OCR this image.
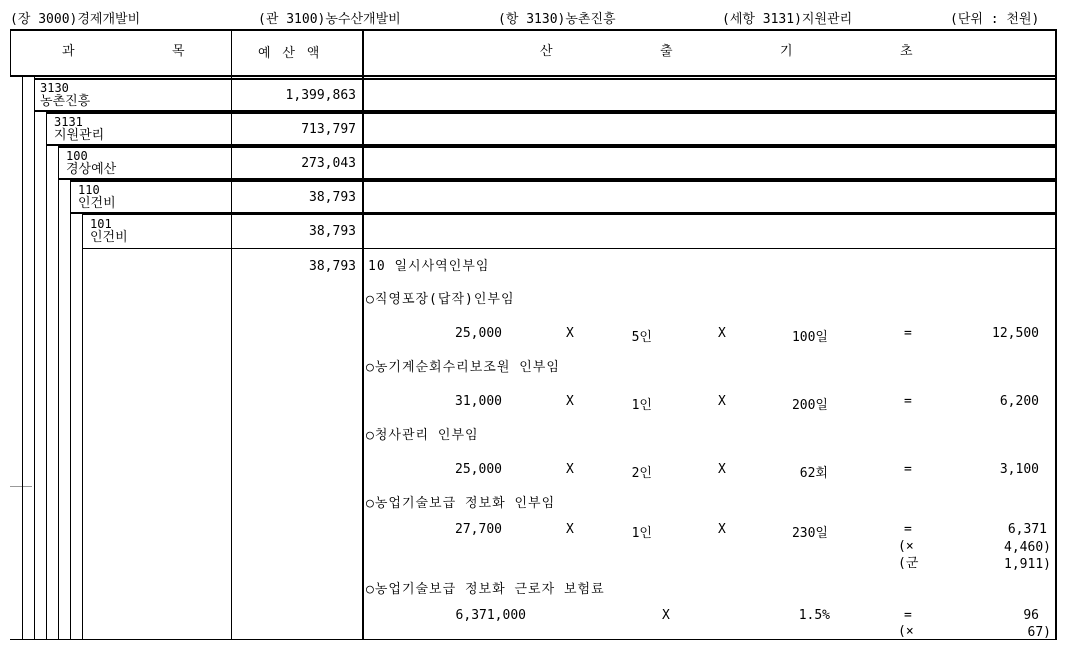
(장 3000)경제개발비	(관 3100)농수산개발비	(항 3130)농촌진흥	(세항 3131)지원관리	(단위 : 천원)
과	목	예 산 액	산	출	기	초
3130
농촌진흥	1,399,863
3131
지원관리	713,797
100
경상예산	273,043
110
인건비	38,793
101
인건비	38,793
38,793 10 일시사역인부임
○직영포장(답작)인부임
25,000	X	5인	X	100일	=	12,500
○농기계순회수리보조원 인부임
31,000	X	1인	X	200일	=	6,200
○청사관리 인부임
25,000	X	2인	X	62회	=	3,100
○농업기술보급 정보화 인부임
27,700	X	1인	X	230일	=	6,371
(×	4,460)
(군	1,911)
○농업기술보급 정보화 근로자 보험료
6,371,000	X	1.5%	=	96
(×	67)
